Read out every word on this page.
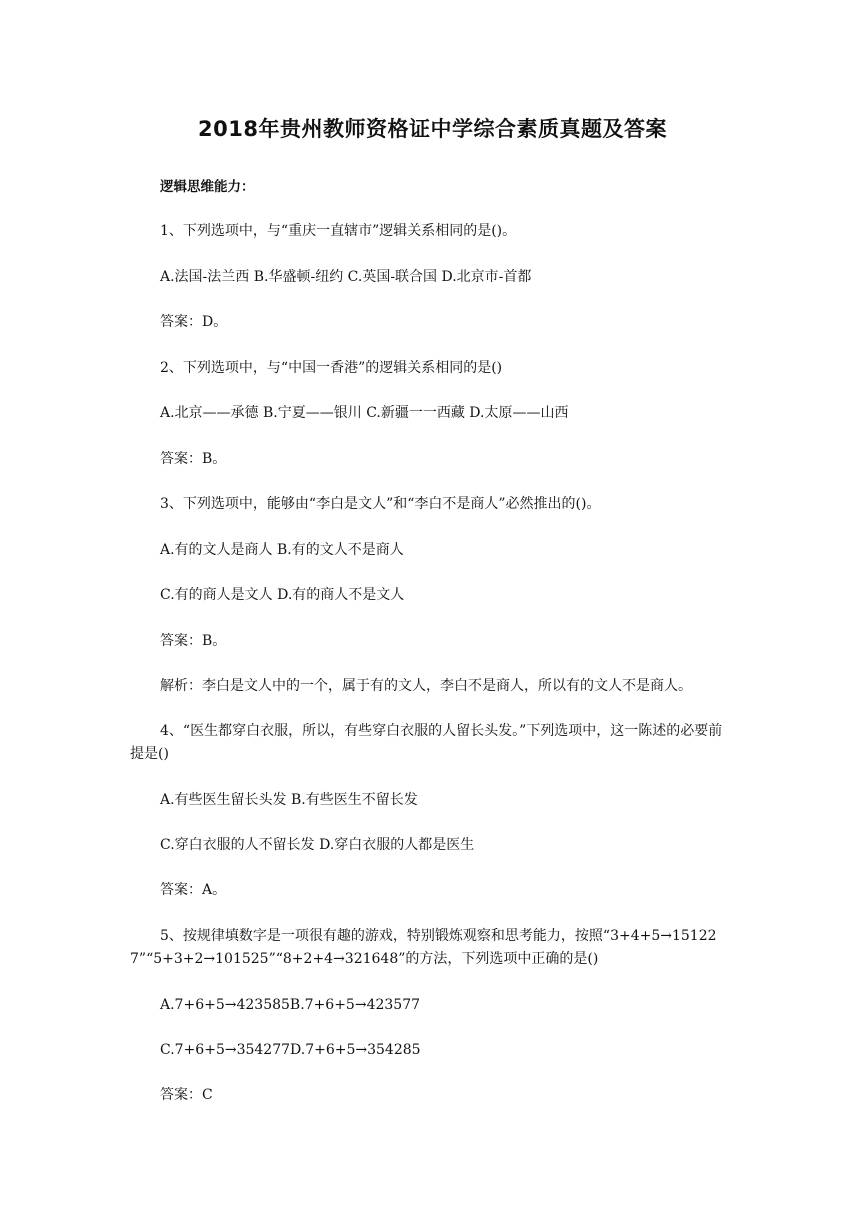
2018年贵州教师资格证中学综合素质真题及答案
逻辑思维能力：
1、下列选项中，与“重庆一直辖市”逻辑关系相同的是()。
A.法国-法兰西 B.华盛顿-纽约 C.英国-联合国 D.北京市-首都
答案：D。
2、下列选项中，与“中国一香港”的逻辑关系相同的是()
A.北京——承德 B.宁夏——银川 C.新疆一一西藏 D.太原——山西
答案：B。
3、下列选项中，能够由“李白是文人”和“李白不是商人”必然推出的()。
A.有的文人是商人 B.有的文人不是商人
C.有的商人是文人 D.有的商人不是文人
答案：B。
解析：李白是文人中的一个，属于有的文人，李白不是商人，所以有的文人不是商人。
4、“医生都穿白衣服，所以，有些穿白衣服的人留长头发。”下列选项中，这一陈述的必要前提是()
A.有些医生留长头发 B.有些医生不留长发
C.穿白衣服的人不留长发 D.穿白衣服的人都是医生
答案：A。
5、按规律填数字是一项很有趣的游戏，特别锻炼观察和思考能力，按照“3+4+5→151227”“5+3+2→101525”“8+2+4→321648”的方法，下列选项中正确的是()
A.7+6+5→423585B.7+6+5→423577
C.7+6+5→354277D.7+6+5→354285
答案：C
